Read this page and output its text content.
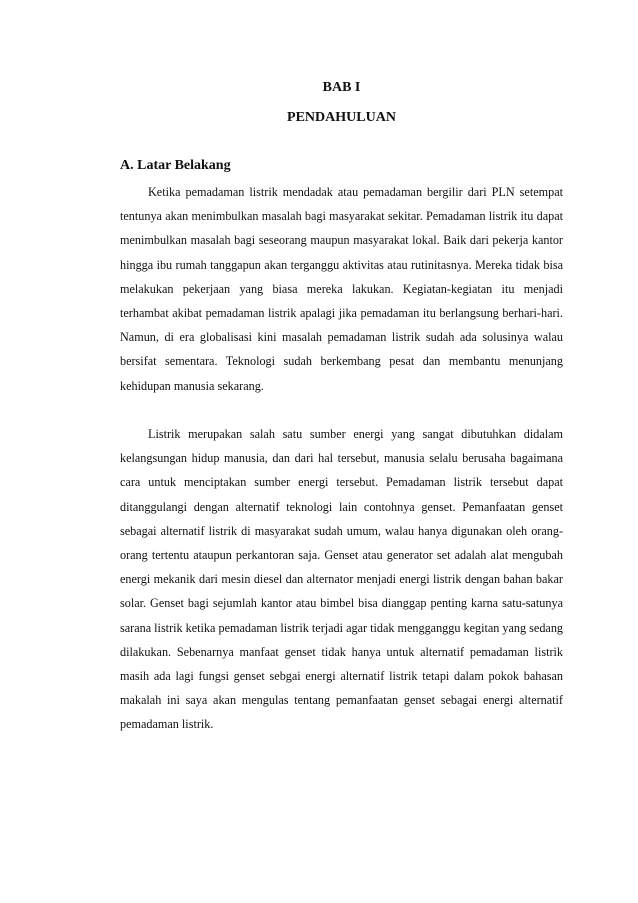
BAB I
PENDAHULUAN
A. Latar Belakang

Ketika pemadaman listrik mendadak atau pemadaman bergilir dari PLN setempat tentunya akan menimbulkan masalah bagi masyarakat sekitar. Pemadaman listrik itu dapat menimbulkan masalah bagi seseorang maupun masyarakat lokal. Baik dari pekerja kantor hingga ibu rumah tanggapun akan terganggu aktivitas atau rutinitasnya. Mereka tidak bisa melakukan pekerjaan yang biasa mereka lakukan. Kegiatan-kegiatan itu menjadi terhambat akibat pemadaman listrik apalagi jika pemadaman itu berlangsung berhari-hari. Namun, di era globalisasi kini masalah pemadaman listrik sudah ada solusinya walau bersifat sementara. Teknologi sudah berkembang pesat dan membantu menunjang kehidupan manusia sekarang.

Listrik merupakan salah satu sumber energi yang sangat dibutuhkan didalam kelangsungan hidup manusia, dan dari hal tersebut, manusia selalu berusaha bagaimana cara untuk menciptakan sumber energi tersebut. Pemadaman listrik tersebut dapat ditanggulangi dengan alternatif teknologi lain contohnya genset. Pemanfaatan genset sebagai alternatif listrik di masyarakat sudah umum, walau hanya digunakan oleh orang-orang tertentu ataupun perkantoran saja. Genset atau generator set adalah alat mengubah energi mekanik dari mesin diesel dan alternator menjadi energi listrik dengan bahan bakar solar. Genset bagi sejumlah kantor atau bimbel bisa dianggap penting karna satu-satunya sarana listrik ketika pemadaman listrik terjadi agar tidak mengganggu kegitan yang sedang dilakukan. Sebenarnya manfaat genset tidak hanya untuk alternatif pemadaman listrik masih ada lagi fungsi genset sebgai energi alternatif listrik tetapi dalam pokok bahasan makalah ini saya akan mengulas tentang pemanfaatan genset sebagai energi alternatif pemadaman listrik.
